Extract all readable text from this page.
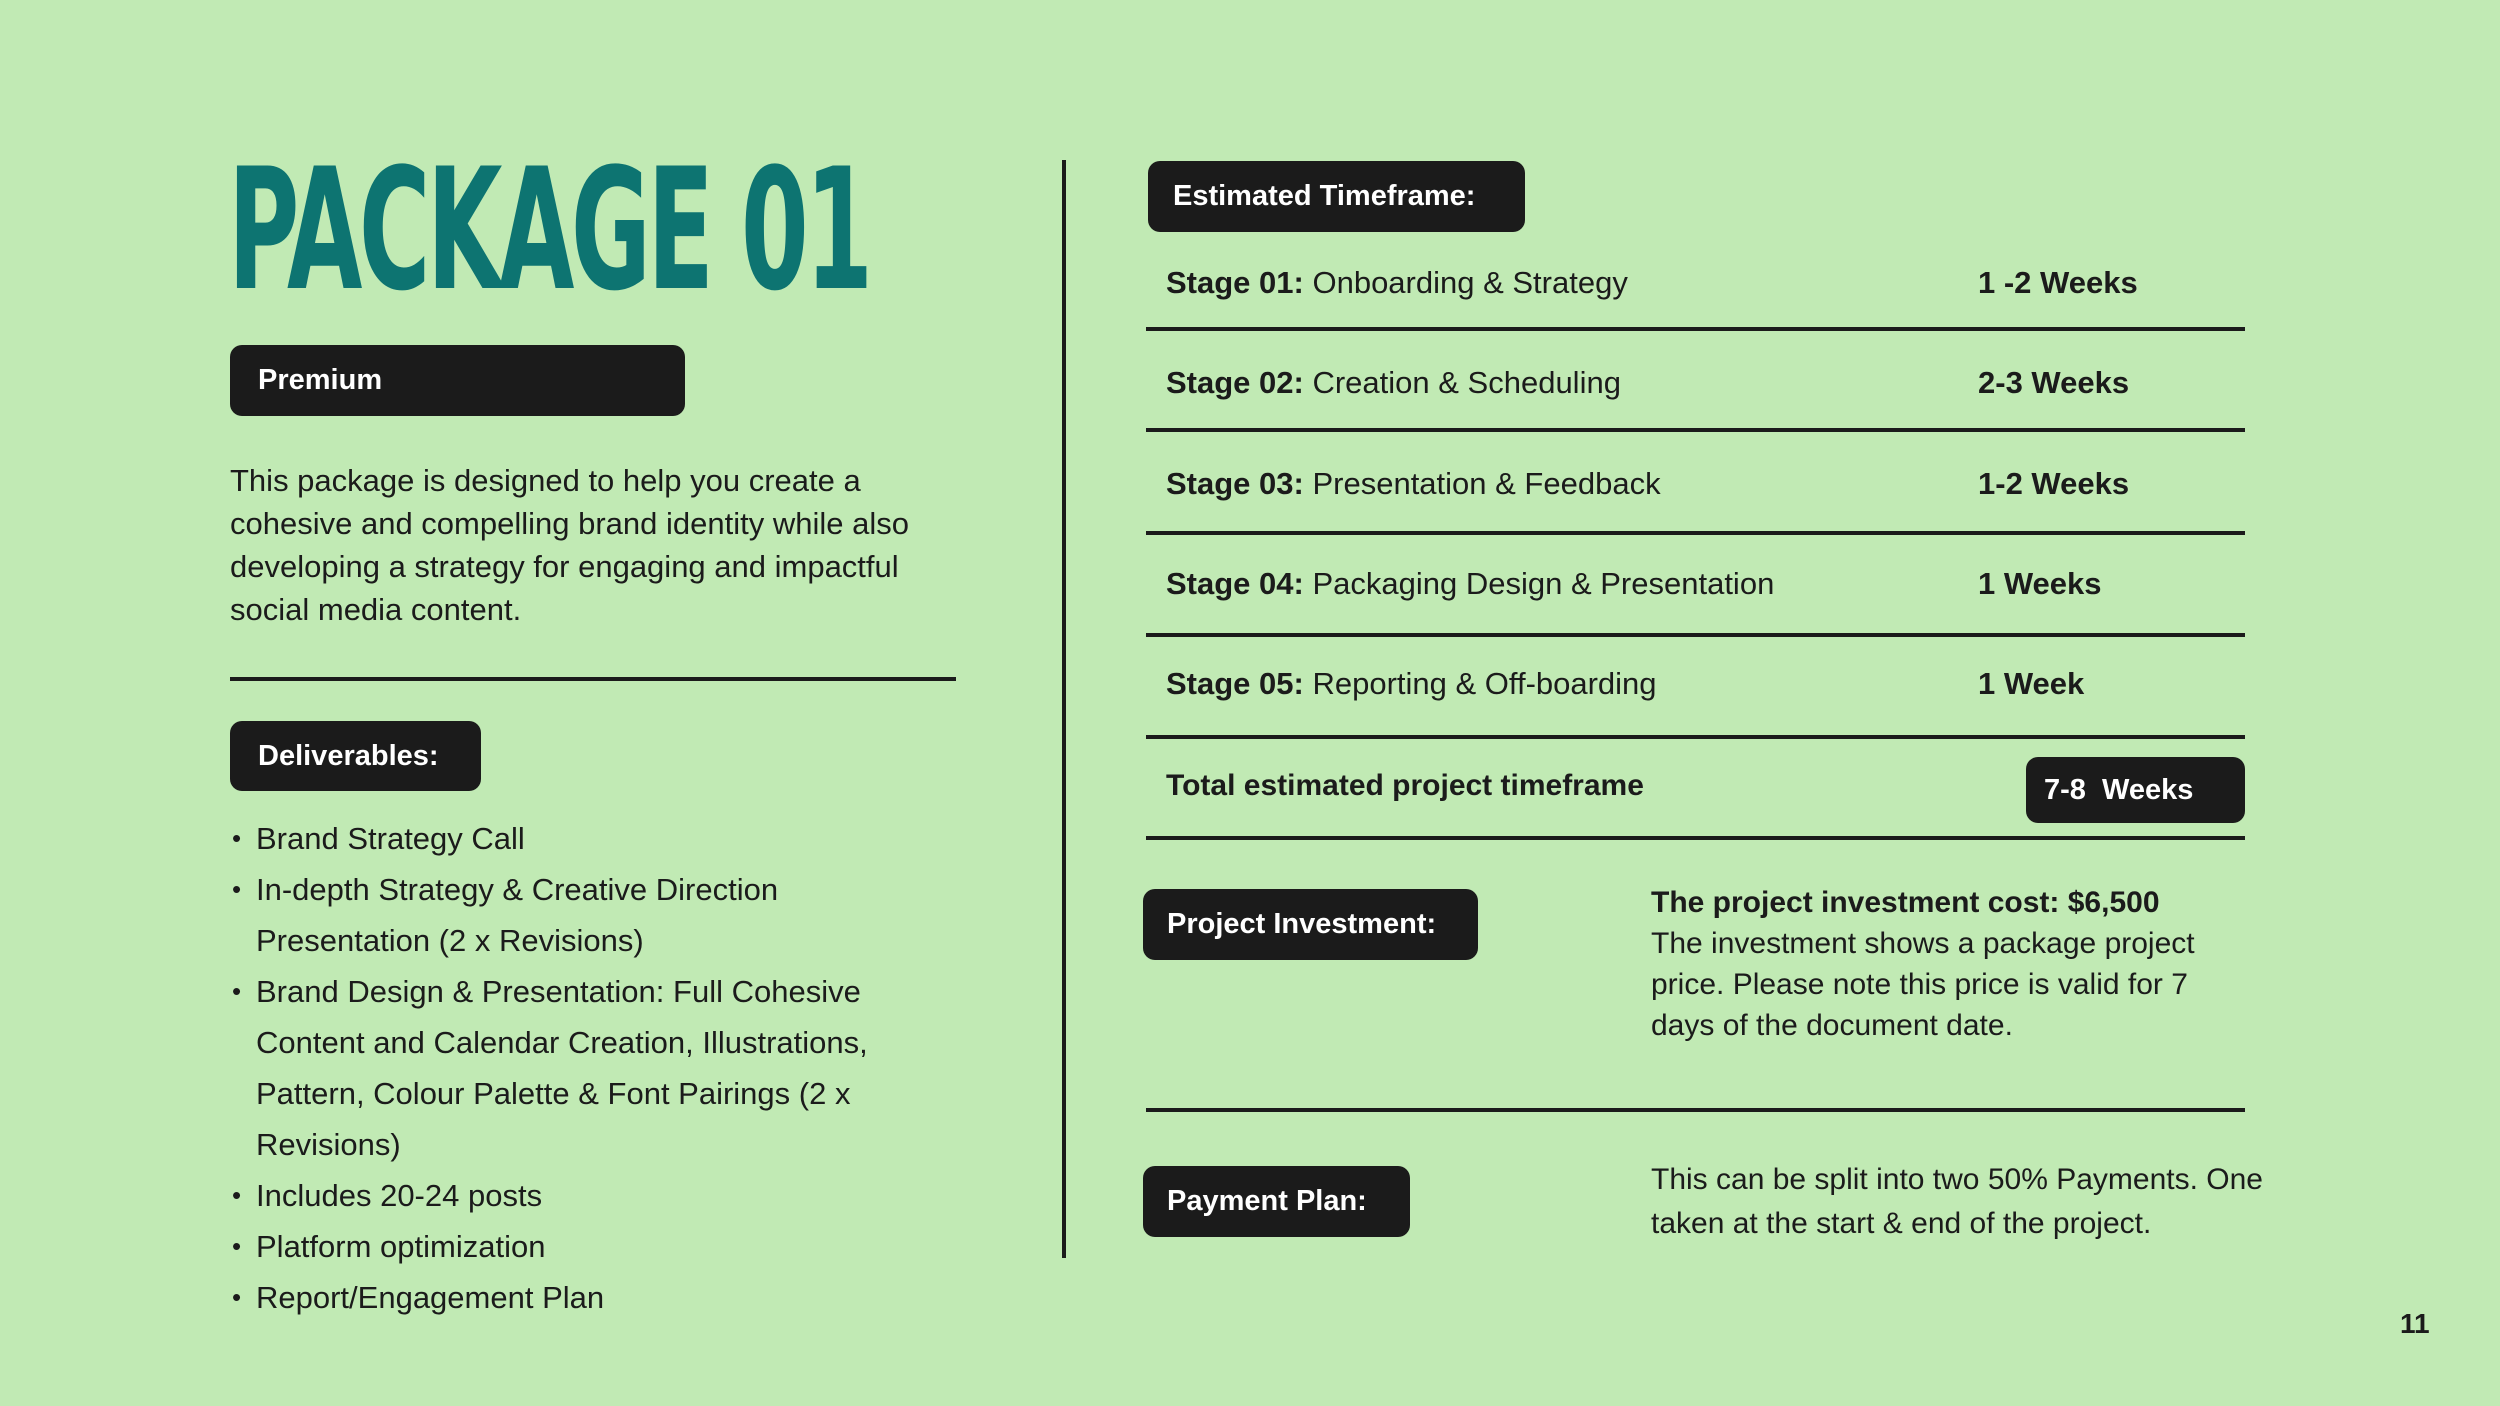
PACKAGE 01
Premium
This package is designed to help you create a cohesive and compelling brand identity while also developing a strategy for engaging and impactful social media content.
Deliverables:
• Brand Strategy Call
• In-depth Strategy & Creative Direction Presentation (2 x Revisions)
• Brand Design & Presentation: Full Cohesive Content and Calendar Creation, Illustrations, Pattern, Colour Palette & Font Pairings (2 x Revisions)
• Includes 20-24 posts
• Platform optimization
• Report/Engagement Plan
Estimated Timeframe:
Stage 01: Onboarding & Strategy	1 -2 Weeks
Stage 02: Creation & Scheduling	2-3 Weeks
Stage 03: Presentation & Feedback	1-2 Weeks
Stage 04: Packaging Design & Presentation	1 Weeks
Stage 05: Reporting & Off-boarding	1 Week
Total estimated project timeframe	7-8  Weeks
Project Investment:
The project investment cost: $6,500
The investment shows a package project price. Please note this price is valid for 7 days of the document date.
Payment Plan:
This can be split into two 50% Payments. One taken at the start & end of the project.
11
